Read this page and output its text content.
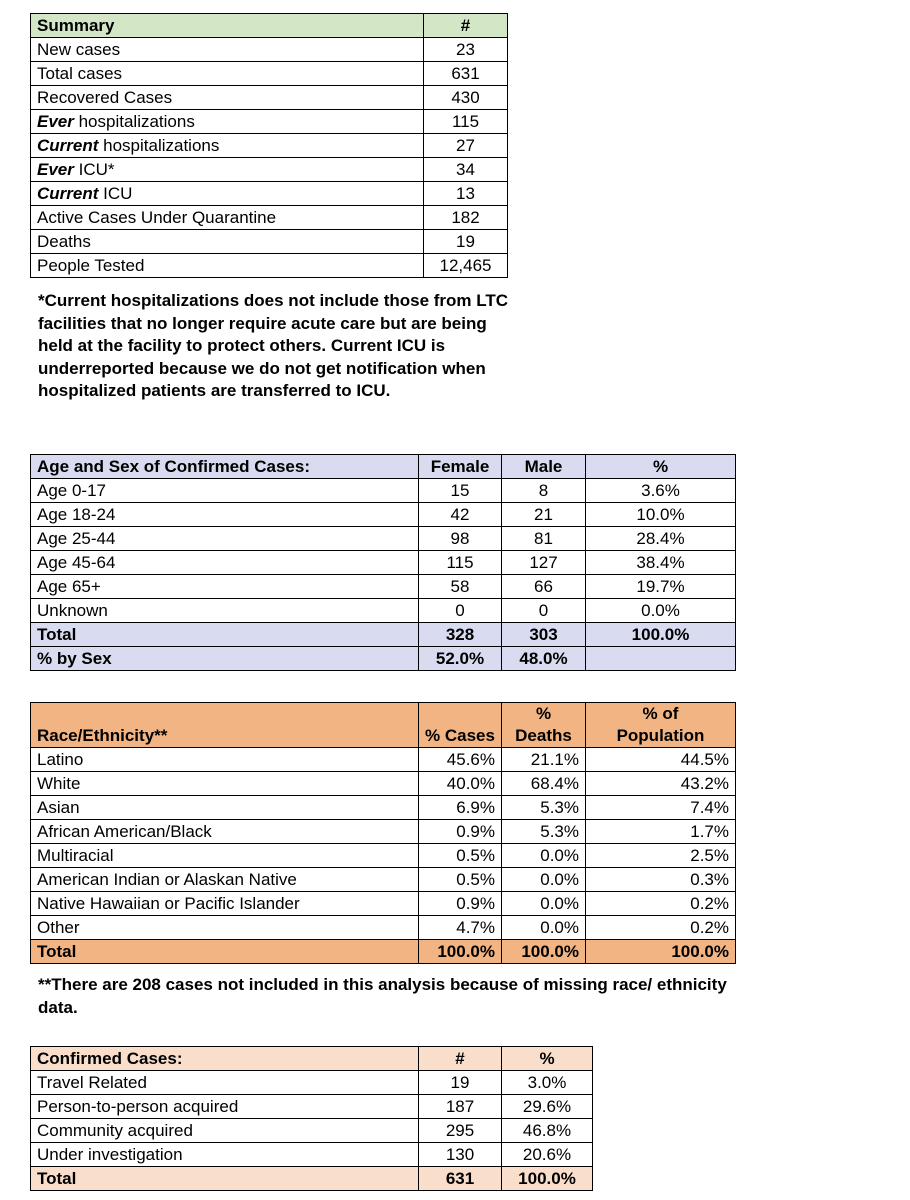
Summary	#
New cases	23
Total cases	631
Recovered Cases	430
Ever hospitalizations	115
Current hospitalizations	27
Ever ICU*	34
Current ICU	13
Active Cases Under Quarantine	182
Deaths	19
People Tested	12,465

*Current hospitalizations does not include those from LTC facilities that no longer require acute care but are being held at the facility to protect others. Current ICU is underreported because we do not get notification when hospitalized patients are transferred to ICU.

Age and Sex of Confirmed Cases:	Female	Male	%
Age 0-17	15	8	3.6%
Age 18-24	42	21	10.0%
Age 25-44	98	81	28.4%
Age 45-64	115	127	38.4%
Age 65+	58	66	19.7%
Unknown	0	0	0.0%
Total	328	303	100.0%
% by Sex	52.0%	48.0%	
Race/Ethnicity**	% Cases	% Deaths	% of Population
Latino	45.6%	21.1%	44.5%
White	40.0%	68.4%	43.2%
Asian	6.9%	5.3%	7.4%
African American/Black	0.9%	5.3%	1.7%
Multiracial	0.5%	0.0%	2.5%
American Indian or Alaskan Native	0.5%	0.0%	0.3%
Native Hawaiian or Pacific Islander	0.9%	0.0%	0.2%
Other	4.7%	0.0%	0.2%
Total	100.0%	100.0%	100.0%

**There are 208 cases not included in this analysis because of missing race/ ethnicity data.

Confirmed Cases:	#	%
Travel Related	19	3.0%
Person-to-person acquired	187	29.6%
Community acquired	295	46.8%
Under investigation	130	20.6%
Total	631	100.0%
